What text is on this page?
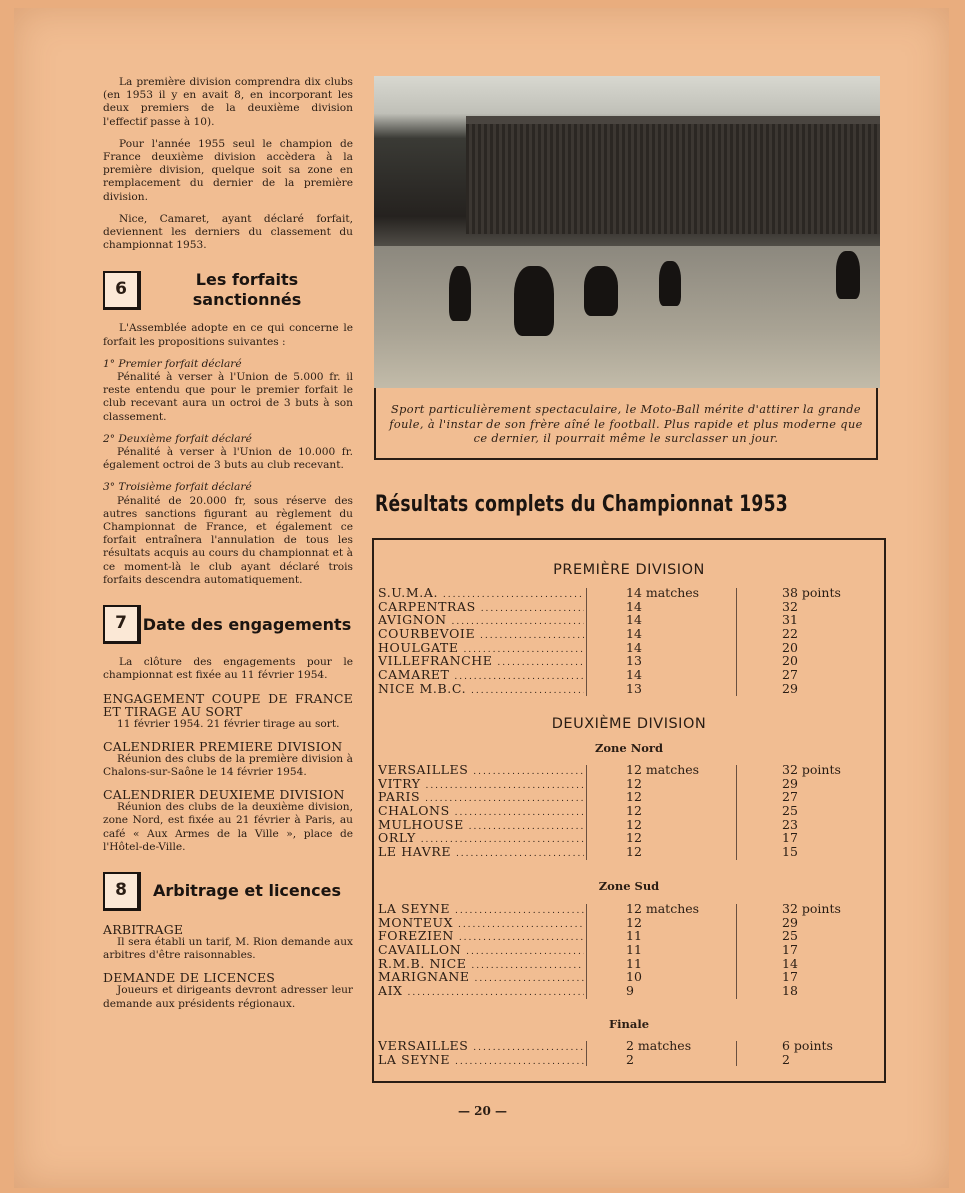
La première division comprendra dix clubs (en 1953 il y en avait 8, en incorporant les deux premiers de la deuxième division l'effectif passe à 10).

Pour l'année 1955 seul le champion de France deuxième division accèdera à la première division, quelque soit sa zone en remplacement du dernier de la première division.

Nice, Camaret, ayant déclaré forfait, deviennent les derniers du classement du championnat 1953.

6	Les forfaits sanctionnés

L'Assemblée adopte en ce qui concerne le forfait les propositions suivantes :

1° Premier forfait déclaré

Pénalité à verser à l'Union de 5.000 fr. il reste entendu que pour le premier forfait le club recevant aura un octroi de 3 buts à son classement.

2° Deuxième forfait déclaré

Pénalité à verser à l'Union de 10.000 fr. également octroi de 3 buts au club recevant.

3° Troisième forfait déclaré

Pénalité de 20.000 fr, sous réserve des autres sanctions figurant au règlement du Championnat de France, et également ce forfait entraînera l'annulation de tous les résultats acquis au cours du championnat et à ce moment-là le club ayant déclaré trois forfaits descendra automatiquement.

7 Date des engagements

La clôture des engagements pour le championnat est fixée au 11 février 1954.

ENGAGEMENT COUPE DE FRANCE ET TIRAGE AU SORT

11 février 1954. 21 février tirage au sort.

CALENDRIER PREMIERE DIVISION

Réunion des clubs de la première division à Chalons-sur-Saône le 14 février 1954.

CALENDRIER DEUXIEME DIVISION

Réunion des clubs de la deuxième division, zone Nord, est fixée au 21 février à Paris, au café « Aux Armes de la Ville », place de l'Hôtel-de-Ville.

8	Arbitrage et licences

ARBITRAGE

Il sera établi un tarif, M. Rion demande aux arbitres d'être raisonnables.

DEMANDE DE LICENCES

Joueurs et dirigeants devront adresser leur demande aux présidents régionaux.

Sport particulièrement spectaculaire, le Moto-Ball mérite d'attirer la grande foule, à l'instar de son frère aîné le football. Plus rapide et plus moderne que ce dernier, il pourrait même le surclasser un jour.
Résultats complets du Championnat 1953
PREMIÈRE DIVISION
S.U.M.A. .....	14 matches	38 points
CARPENTRAS .....	14	32
AVIGNON .....	14	31
COURBEVOIE .....	14	22
HOULGATE .....	14	20
VILLEFRANCHE .....	13	20
CAMARET .....	14	27
NICE M.B.C. .....	13	29
DEUXIÈME DIVISION
Zone Nord
VERSAILLES .....	12 matches	32 points
VITRY .....	12	29
PARIS .....	12	27
CHALONS .....	12	25
MULHOUSE .....	12	23
ORLY .....	12	17
LE HAVRE .....	12	15
Zone Sud
LA SEYNE .....	12 matches	32 points
MONTEUX .....	12	29
FOREZIEN .....	11	25
CAVAILLON .....	11	17
R.M.B. NICE .....	11	14
MARIGNANE .....	10	17
AIX .....	9	18
Finale
VERSAILLES .....	2 matches	6 points
LA SEYNE .....	2	2
— 20 —
